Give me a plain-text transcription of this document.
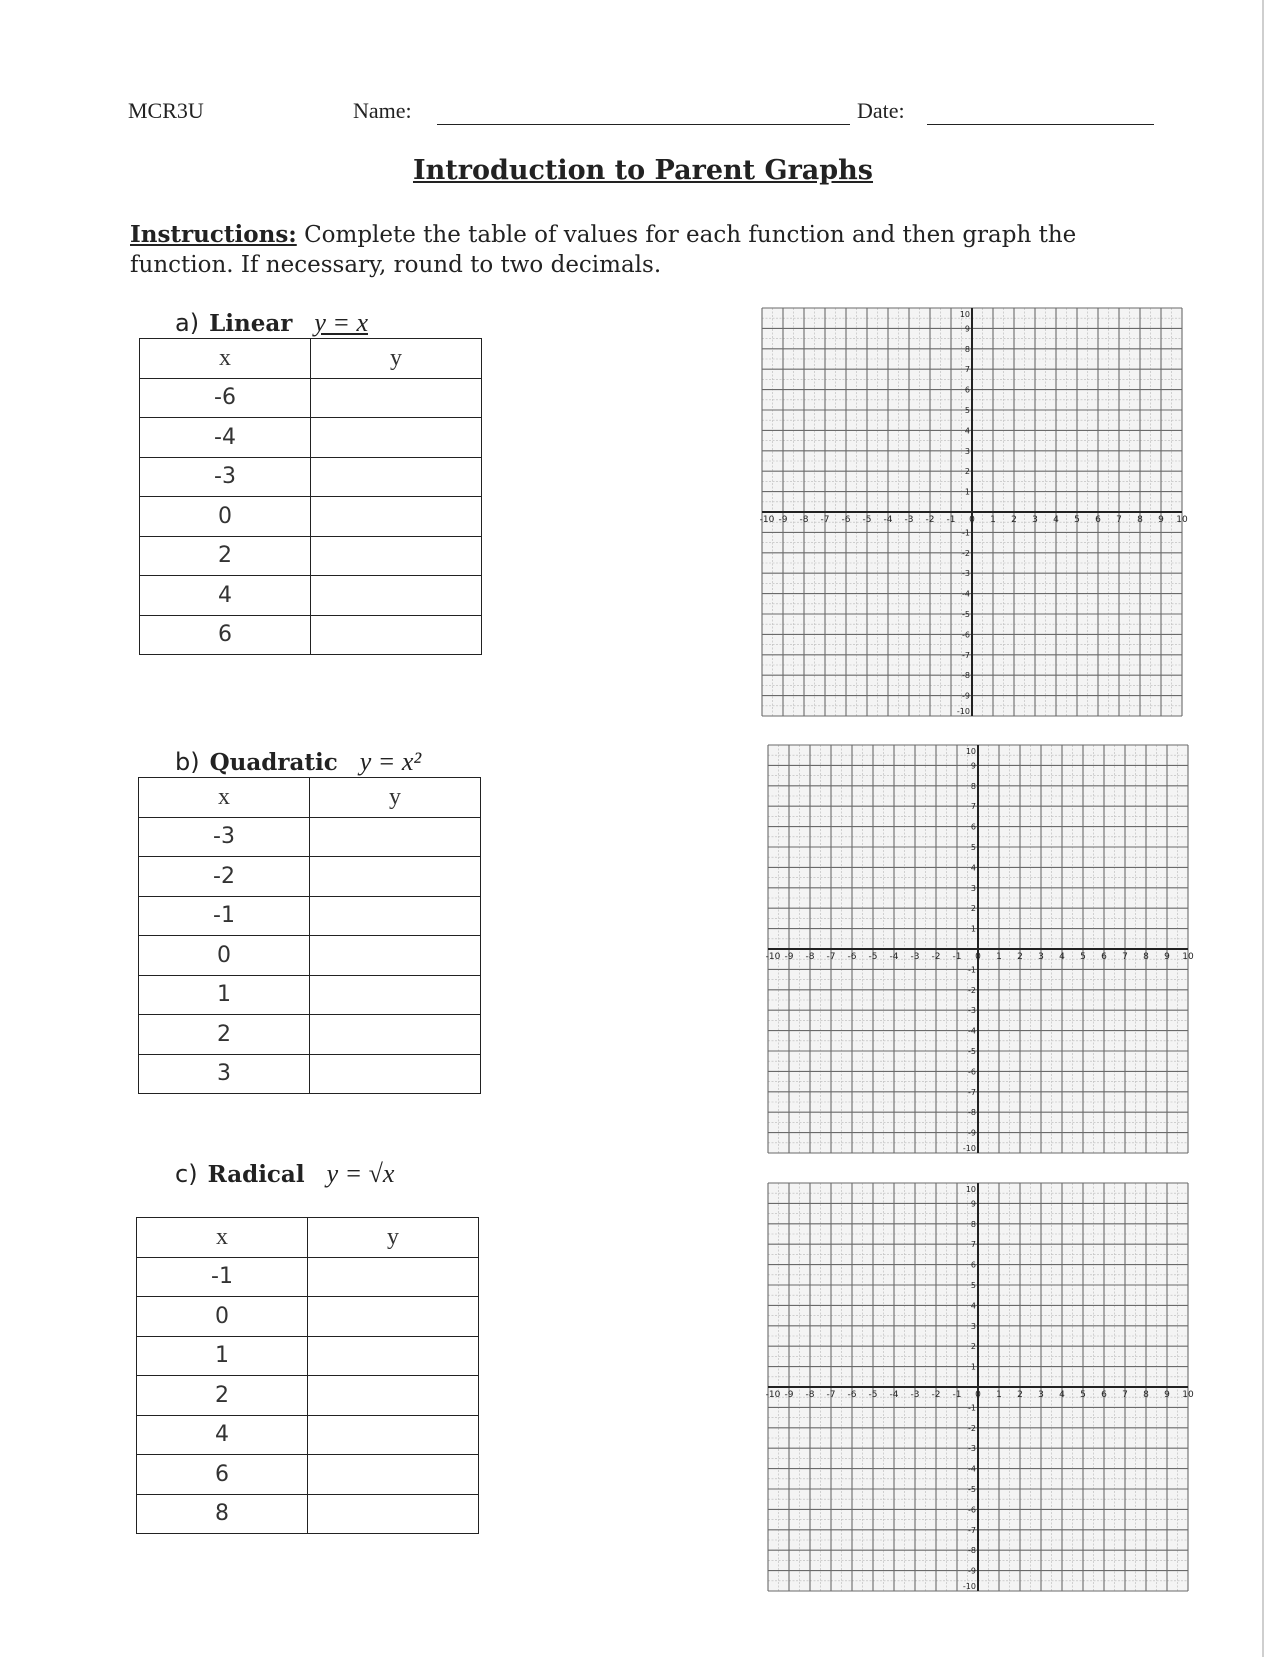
MCR3U	Name:	Date:
Introduction to Parent Graphs
Instructions: Complete the table of values for each function and then graph the function. If necessary, round to two decimals.
a) Linear y = x
x	y
-6	
-4	
-3	
0	
2	
4	
6	
b) Quadratic y = x²
x	y
-3	
-2	
-1	
0	
1	
2	
3	
c) Radical y = √x
x	y
-1	
0	
1	
2	
4	
6	
8	
-10 -9 -8 -7 -6 -5 -4 -3 -2 -1 0 1 2 3 4 5 6 7 8 9 10
10
9
8
7
6
5
4
3
2
1
-1
-2
-3
-4
-5
-6
-7
-8
-9
-10
-10 -9 -8 -7 -6 -5 -4 -3 -2 -1 0 1 2 3 4 5 6 7 8 9 10
10
9
8
7
6
5
4
3
2
1
-1
-2
-3
-4
-5
-6
-7
-8
-9
-10
-10 -9 -8 -7 -6 -5 -4 -3 -2 -1 0 1 2 3 4 5 6 7 8 9 10
10
9
8
7
6
5
4
3
2
1
-1
-2
-3
-4
-5
-6
-7
-8
-9
-10
